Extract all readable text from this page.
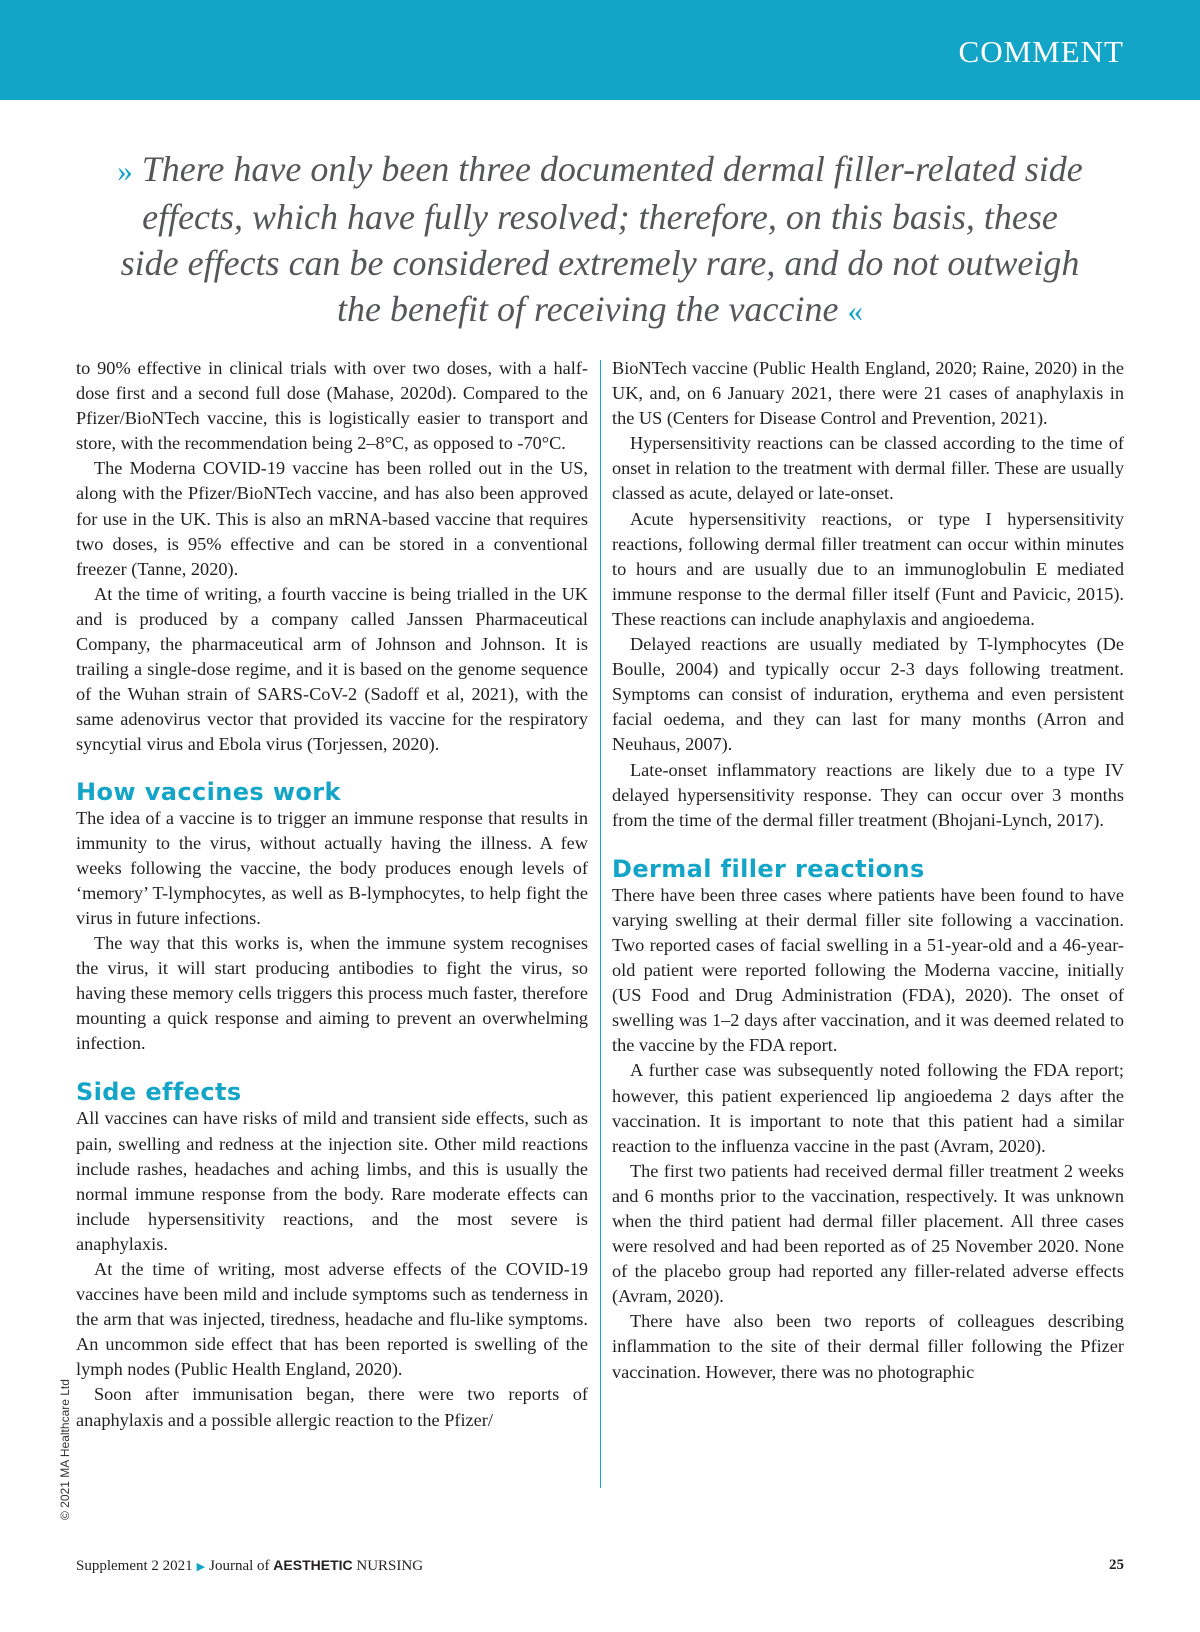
COMMENT
» There have only been three documented dermal filler-related side effects, which have fully resolved; therefore, on this basis, these side effects can be considered extremely rare, and do not outweigh the benefit of receiving the vaccine «

to 90% effective in clinical trials with over two doses, with a half-dose first and a second full dose (Mahase, 2020d). Compared to the Pfizer/BioNTech vaccine, this is logistically easier to transport and store, with the recommendation being 2–8°C, as opposed to -70°C.

The Moderna COVID-19 vaccine has been rolled out in the US, along with the Pfizer/BioNTech vaccine, and has also been approved for use in the UK. This is also an mRNA-based vaccine that requires two doses, is 95% effective and can be stored in a conventional freezer (Tanne, 2020).

At the time of writing, a fourth vaccine is being trialled in the UK and is produced by a company called Janssen Pharmaceutical Company, the pharmaceutical arm of Johnson and Johnson. It is trailing a single-dose regime, and it is based on the genome sequence of the Wuhan strain of SARS-CoV-2 (Sadoff et al, 2021), with the same adenovirus vector that provided its vaccine for the respiratory syncytial virus and Ebola virus (Torjessen, 2020).

How vaccines work

The idea of a vaccine is to trigger an immune response that results in immunity to the virus, without actually having the illness. A few weeks following the vaccine, the body produces enough levels of ‘memory’ T-lymphocytes, as well as B-lymphocytes, to help fight the virus in future infections.

The way that this works is, when the immune system recognises the virus, it will start producing antibodies to fight the virus, so having these memory cells triggers this process much faster, therefore mounting a quick response and aiming to prevent an overwhelming infection.

Side effects

All vaccines can have risks of mild and transient side effects, such as pain, swelling and redness at the injection site. Other mild reactions include rashes, headaches and aching limbs, and this is usually the normal immune response from the body. Rare moderate effects can include hypersensitivity reactions, and the most severe is anaphylaxis.

At the time of writing, most adverse effects of the COVID-19 vaccines have been mild and include symptoms such as tenderness in the arm that was injected, tiredness, headache and flu-like symptoms. An uncommon side effect that has been reported is swelling of the lymph nodes (Public Health England, 2020).

Soon after immunisation began, there were two reports of anaphylaxis and a possible allergic reaction to the Pfizer/

BioNTech vaccine (Public Health England, 2020; Raine, 2020) in the UK, and, on 6 January 2021, there were 21 cases of anaphylaxis in the US (Centers for Disease Control and Prevention, 2021).

Hypersensitivity reactions can be classed according to the time of onset in relation to the treatment with dermal filler. These are usually classed as acute, delayed or late-onset.

Acute hypersensitivity reactions, or type I hypersensitivity reactions, following dermal filler treatment can occur within minutes to hours and are usually due to an immunoglobulin E mediated immune response to the dermal filler itself (Funt and Pavicic, 2015). These reactions can include anaphylaxis and angioedema.

Delayed reactions are usually mediated by T-lymphocytes (De Boulle, 2004) and typically occur 2-3 days following treatment. Symptoms can consist of induration, erythema and even persistent facial oedema, and they can last for many months (Arron and Neuhaus, 2007).

Late-onset inflammatory reactions are likely due to a type IV delayed hypersensitivity response. They can occur over 3 months from the time of the dermal filler treatment (Bhojani-Lynch, 2017).

Dermal filler reactions

There have been three cases where patients have been found to have varying swelling at their dermal filler site following a vaccination. Two reported cases of facial swelling in a 51-year-old and a 46-year-old patient were reported following the Moderna vaccine, initially (US Food and Drug Administration (FDA), 2020). The onset of swelling was 1–2 days after vaccination, and it was deemed related to the vaccine by the FDA report.

A further case was subsequently noted following the FDA report; however, this patient experienced lip angioedema 2 days after the vaccination. It is important to note that this patient had a similar reaction to the influenza vaccine in the past (Avram, 2020).

The first two patients had received dermal filler treatment 2 weeks and 6 months prior to the vaccination, respectively. It was unknown when the third patient had dermal filler placement. All three cases were resolved and had been reported as of 25 November 2020. None of the placebo group had reported any filler-related adverse effects (Avram, 2020).

There have also been two reports of colleagues describing inflammation to the site of their dermal filler following the Pfizer vaccination. However, there was no photographic

© 2021 MA Healthcare Ltd
Supplement 2 2021 ▶ Journal of AESTHETIC NURSING	25
